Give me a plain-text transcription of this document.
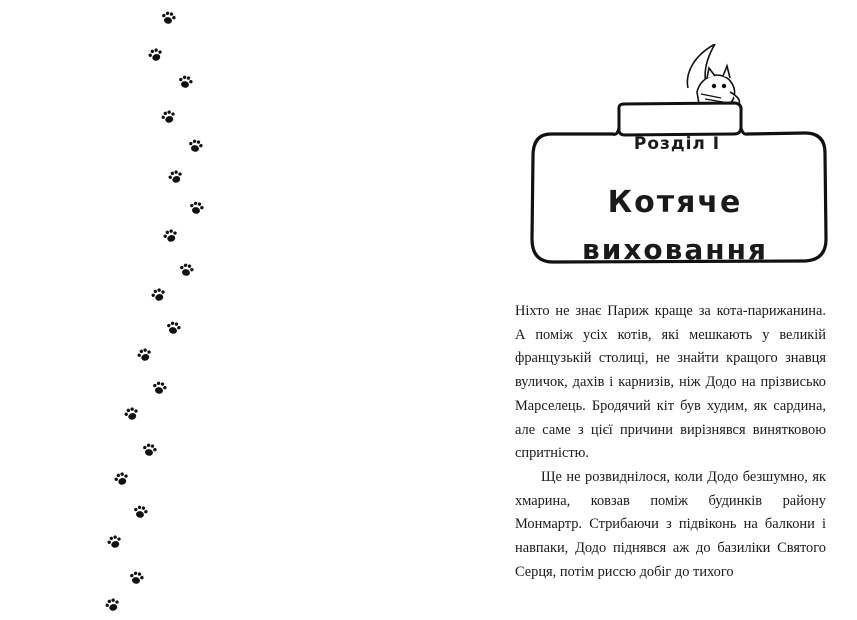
Розділ I
Котяче
виховання

Ніхто не знає Париж краще за кота-парижанина. А поміж усіх котів, які мешкають у великій французькій столиці, не знайти кращого знавця вуличок, дахів і карнизів, ніж Додо на прізвисько Марселець. Бродячий кіт був худим, як сардина, але саме з цієї причини вирізнявся винятковою спритністю.

Ще не розвиднілося, коли Додо безшумно, як хмарина, ковзав поміж будинків району Монмартр. Стрибаючи з підвіконь на балкони і навпаки, Додо піднявся аж до базиліки Святого Серця, потім риссю добіг до тихого
